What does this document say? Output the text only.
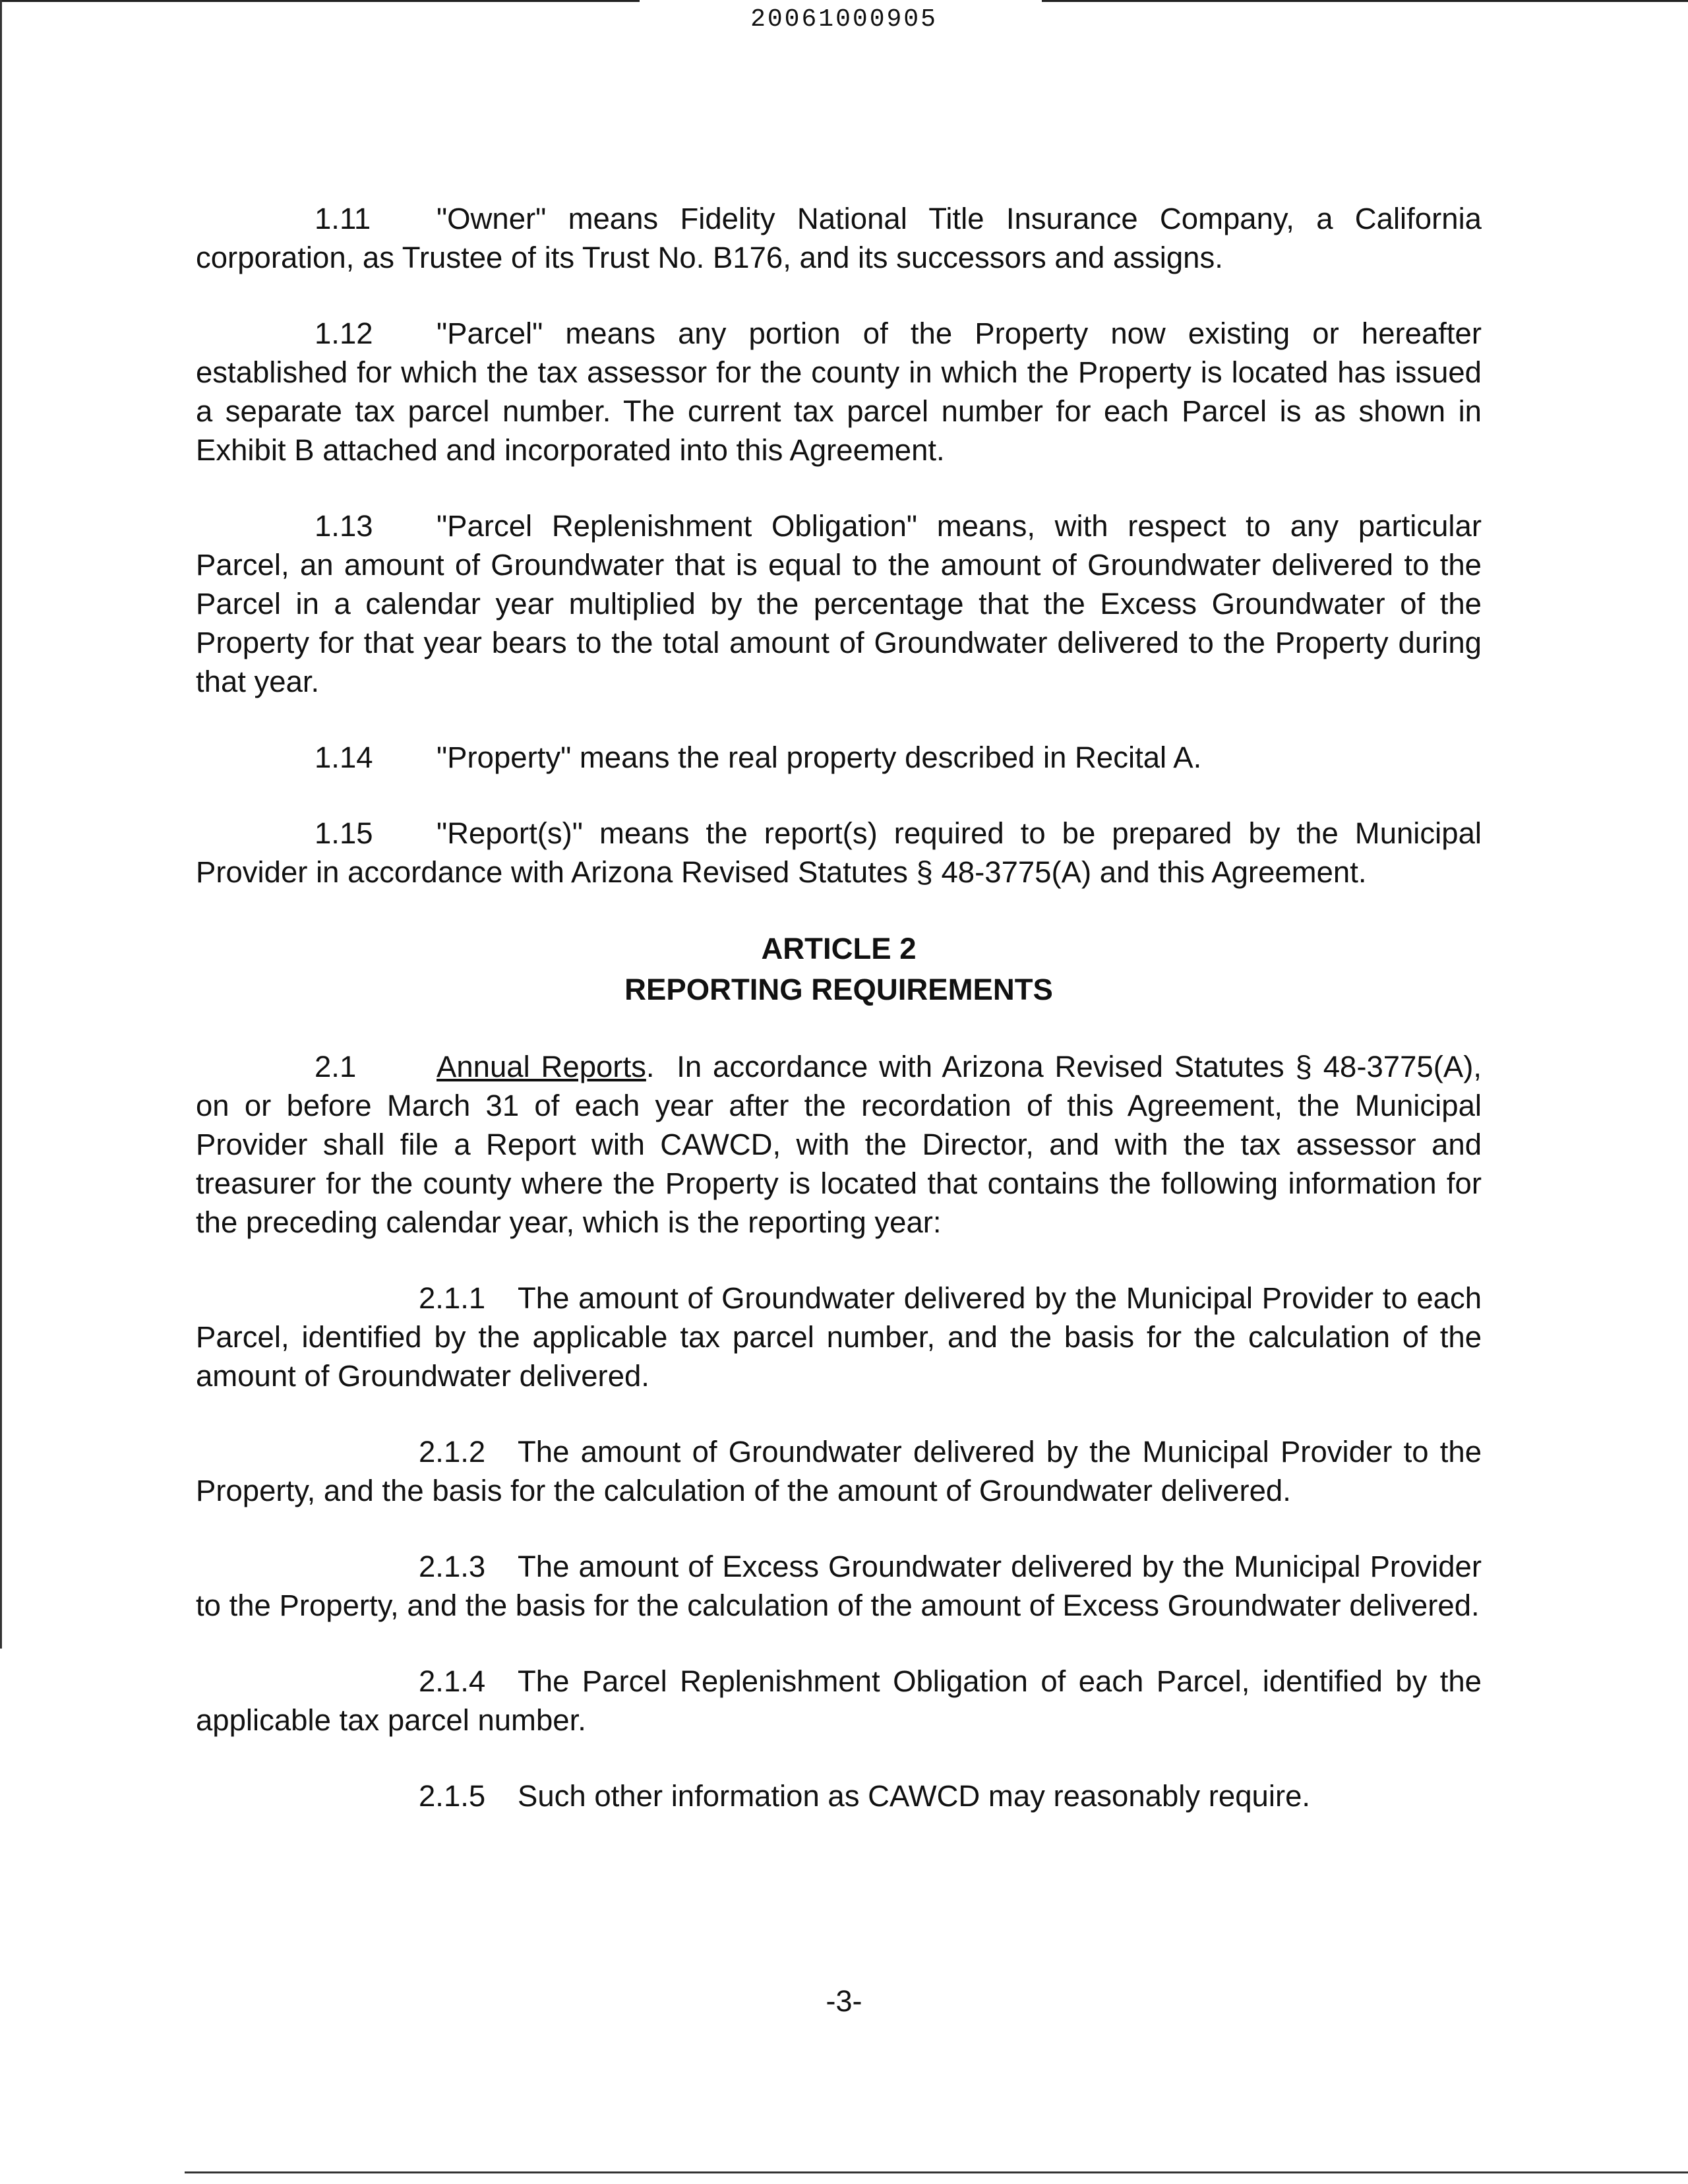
20061000905

1.11 "Owner" means Fidelity National Title Insurance Company, a California corporation, as Trustee of its Trust No. B176, and its successors and assigns.

1.12 "Parcel" means any portion of the Property now existing or hereafter established for which the tax assessor for the county in which the Property is located has issued a separate tax parcel number. The current tax parcel number for each Parcel is as shown in Exhibit B attached and incorporated into this Agreement.

1.13 "Parcel Replenishment Obligation" means, with respect to any particular Parcel, an amount of Groundwater that is equal to the amount of Groundwater delivered to the Parcel in a calendar year multiplied by the percentage that the Excess Groundwater of the Property for that year bears to the total amount of Groundwater delivered to the Property during that year.

1.14 "Property" means the real property described in Recital A.

1.15 "Report(s)" means the report(s) required to be prepared by the Municipal Provider in accordance with Arizona Revised Statutes § 48-3775(A) and this Agreement.

ARTICLE 2
REPORTING REQUIREMENTS

2.1	Annual Reports.  In accordance with Arizona Revised Statutes § 48-3775(A), on or before March 31 of each year after the recordation of this Agreement, the Municipal Provider shall file a Report with CAWCD, with the Director, and with the tax assessor and treasurer for the county where the Property is located that contains the following information for the preceding calendar year, which is the reporting year:

2.1.1 The amount of Groundwater delivered by the Municipal Provider to each Parcel, identified by the applicable tax parcel number, and the basis for the calculation of the amount of Groundwater delivered.

2.1.2 The amount of Groundwater delivered by the Municipal Provider to the Property, and the basis for the calculation of the amount of Groundwater delivered.

2.1.3 The amount of Excess Groundwater delivered by the Municipal Provider to the Property, and the basis for the calculation of the amount of Excess Groundwater delivered.

2.1.4 The Parcel Replenishment Obligation of each Parcel, identified by the applicable tax parcel number.

2.1.5 Such other information as CAWCD may reasonably require.

-3-
